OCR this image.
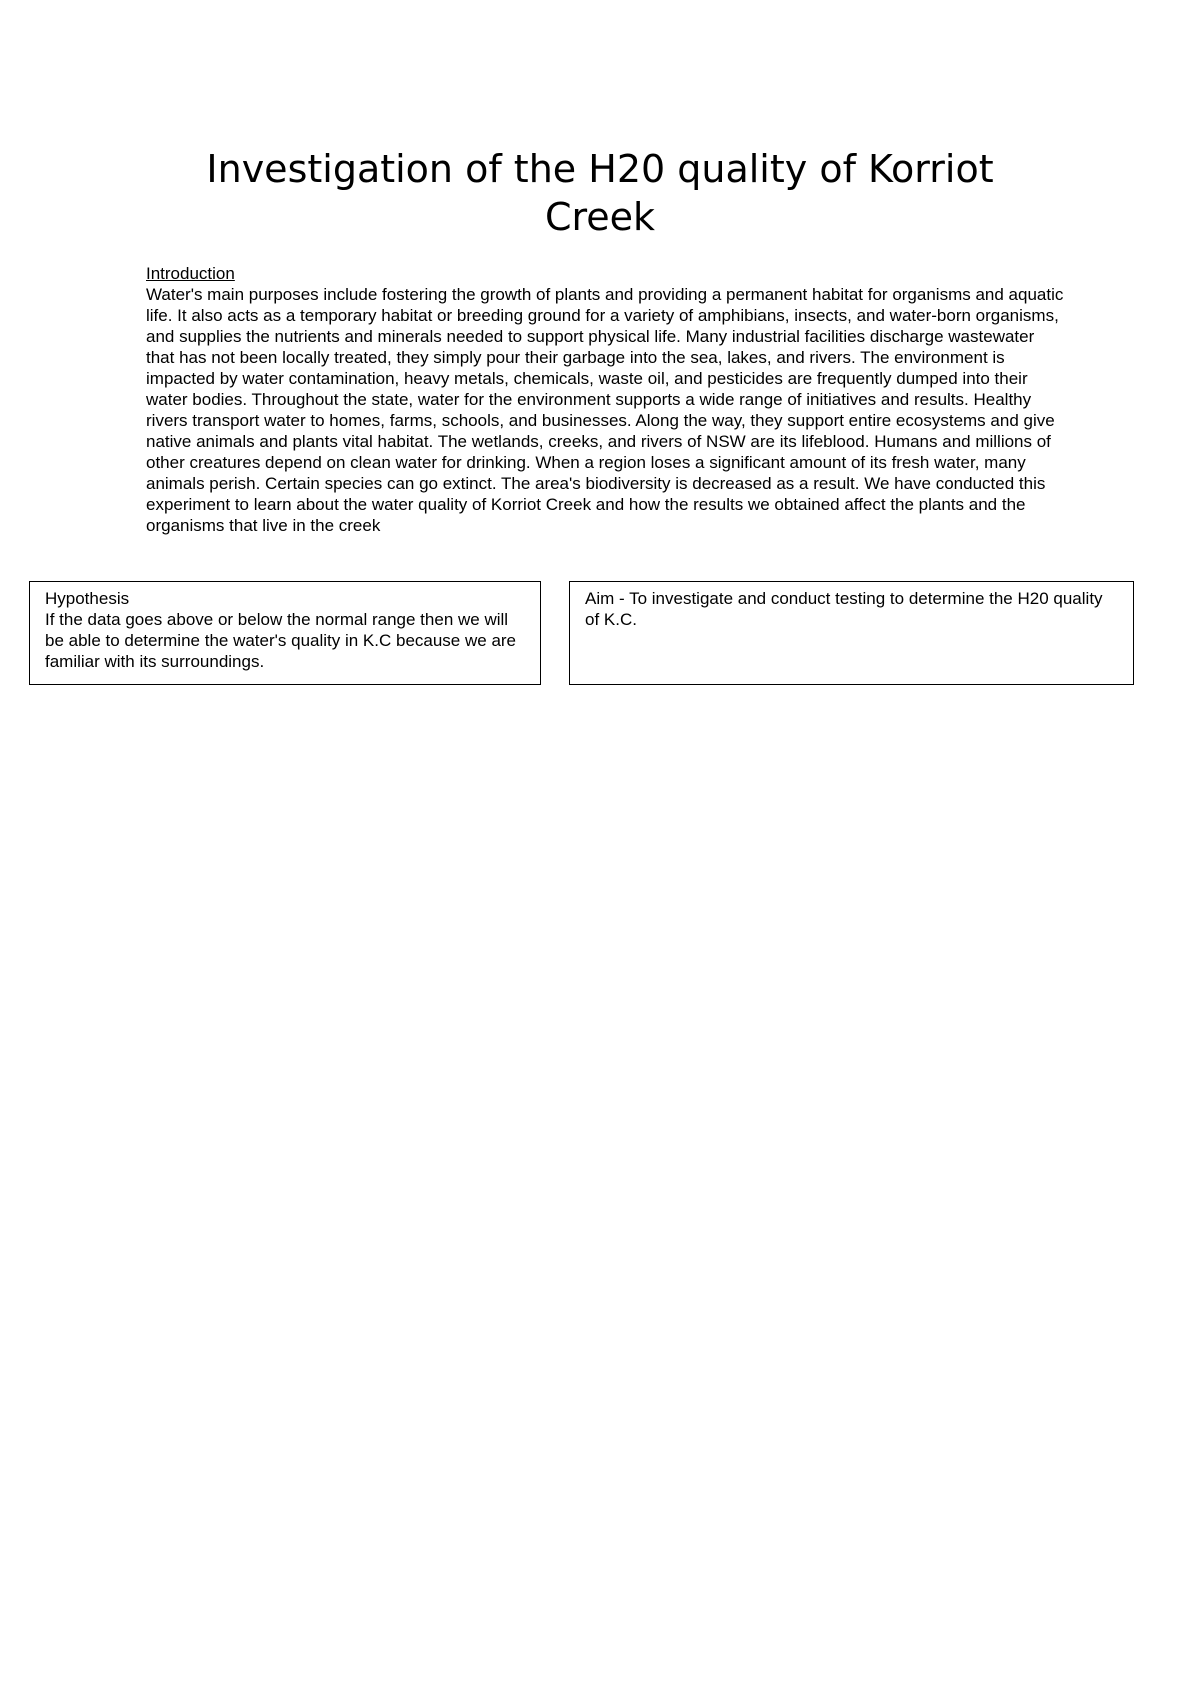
Investigation of the H20 quality of Korriot Creek
Introduction

Water's main purposes include fostering the growth of plants and providing a permanent habitat for organisms and aquatic life. It also acts as a temporary habitat or breeding ground for a variety of amphibians, insects, and water-born organisms, and supplies the nutrients and minerals needed to support physical life. Many industrial facilities discharge wastewater that has not been locally treated, they simply pour their garbage into the sea, lakes, and rivers. The environment is impacted by water contamination, heavy metals, chemicals, waste oil, and pesticides are frequently dumped into their water bodies. Throughout the state, water for the environment supports a wide range of initiatives and results. Healthy rivers transport water to homes, farms, schools, and businesses. Along the way, they support entire ecosystems and give native animals and plants vital habitat. The wetlands, creeks, and rivers of NSW are its lifeblood. Humans and millions of other creatures depend on clean water for drinking. When a region loses a significant amount of its fresh water, many animals perish. Certain species can go extinct. The area's biodiversity is decreased as a result. We have conducted this experiment to learn about the water quality of Korriot Creek and how the results we obtained affect the plants and the organisms that live in the creek

Hypothesis
If the data goes above or below the normal range then we will be able to determine the water's quality in K.C because we are familiar with its surroundings.
Aim - To investigate and conduct testing to determine the H20 quality of K.C.
